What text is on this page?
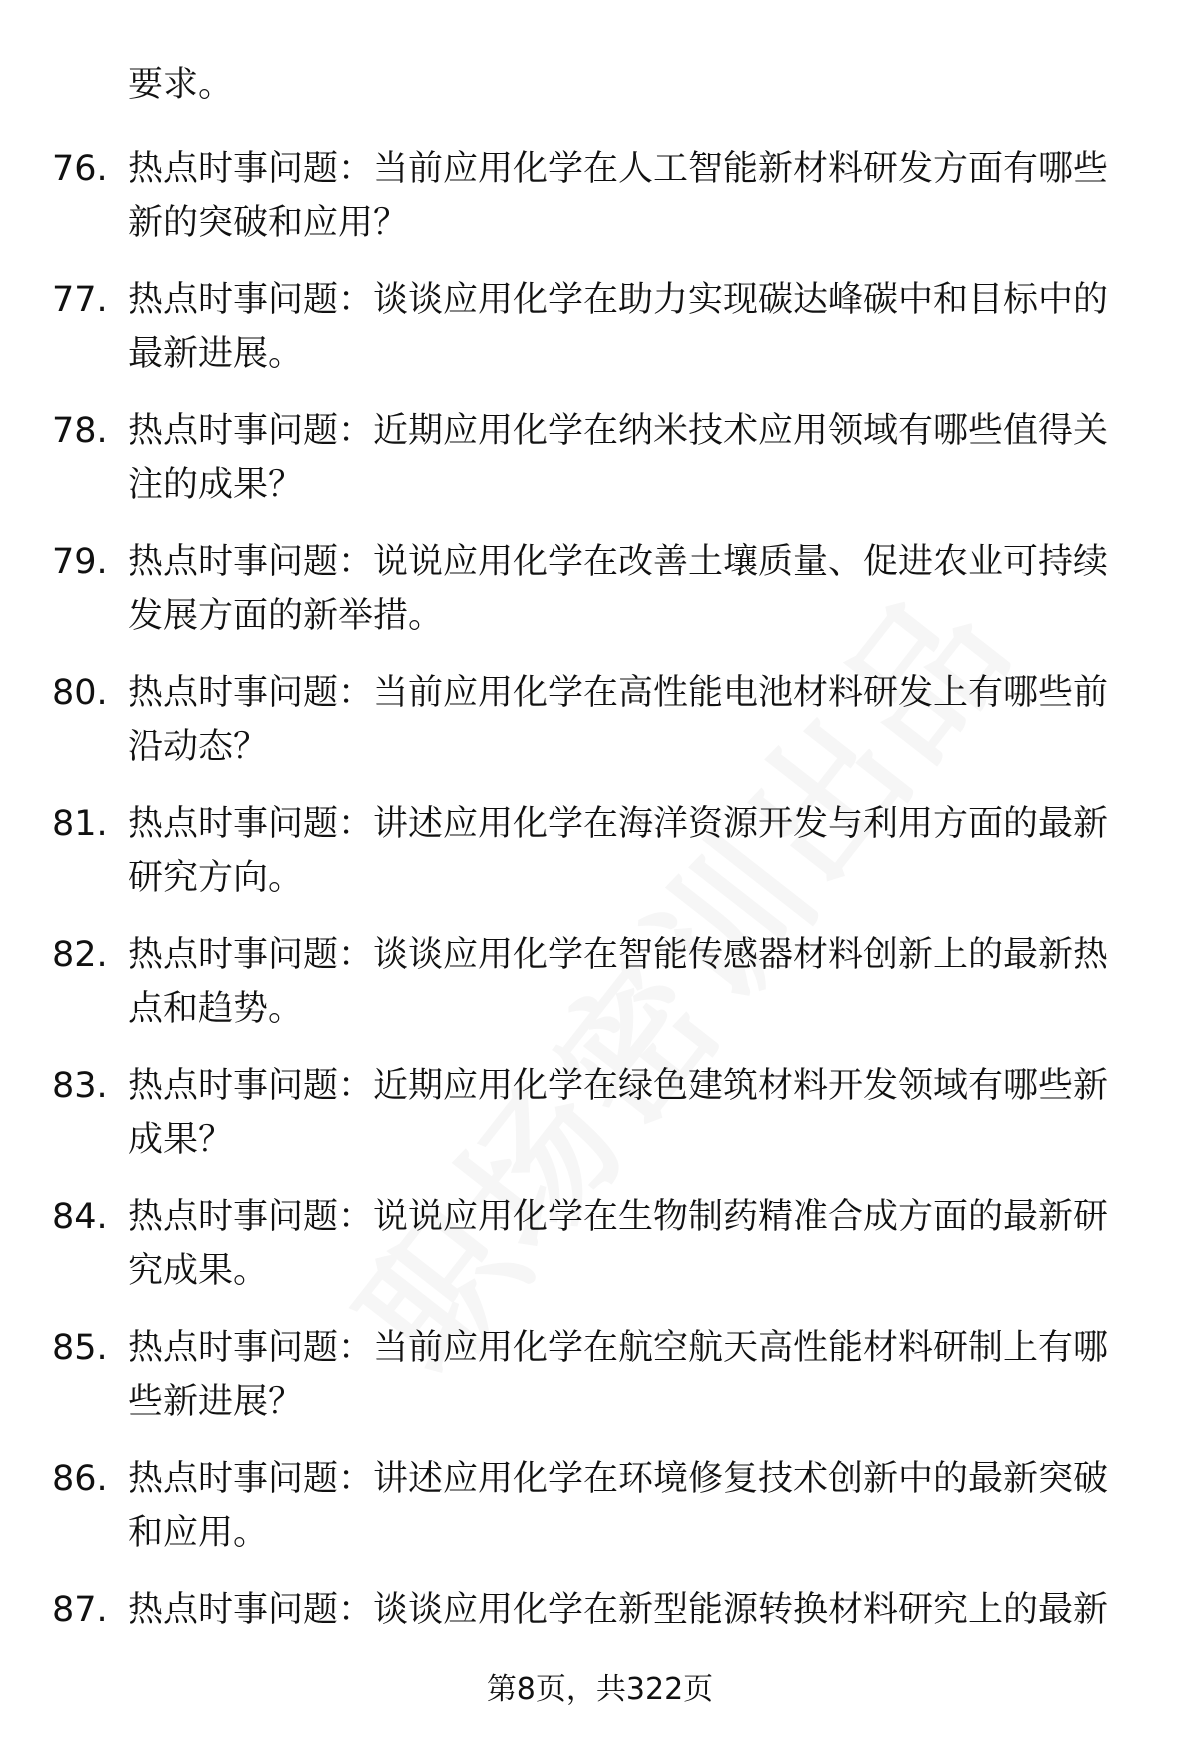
要求。
76. 热点时事问题：当前应用化学在人工智能新材料研发方面有哪些新的突破和应用？
77. 热点时事问题：谈谈应用化学在助力实现碳达峰碳中和目标中的最新进展。
78. 热点时事问题：近期应用化学在纳米技术应用领域有哪些值得关注的成果？
79. 热点时事问题：说说应用化学在改善土壤质量、促进农业可持续发展方面的新举措。
80. 热点时事问题：当前应用化学在高性能电池材料研发上有哪些前沿动态？
81. 热点时事问题：讲述应用化学在海洋资源开发与利用方面的最新研究方向。
82. 热点时事问题：谈谈应用化学在智能传感器材料创新上的最新热点和趋势。
83. 热点时事问题：近期应用化学在绿色建筑材料开发领域有哪些新成果？
84. 热点时事问题：说说应用化学在生物制药精准合成方面的最新研究成果。
85. 热点时事问题：当前应用化学在航空航天高性能材料研制上有哪些新进展？
86. 热点时事问题：讲述应用化学在环境修复技术创新中的最新突破和应用。
87. 热点时事问题：谈谈应用化学在新型能源转换材料研究上的最新
第8页，共322页
